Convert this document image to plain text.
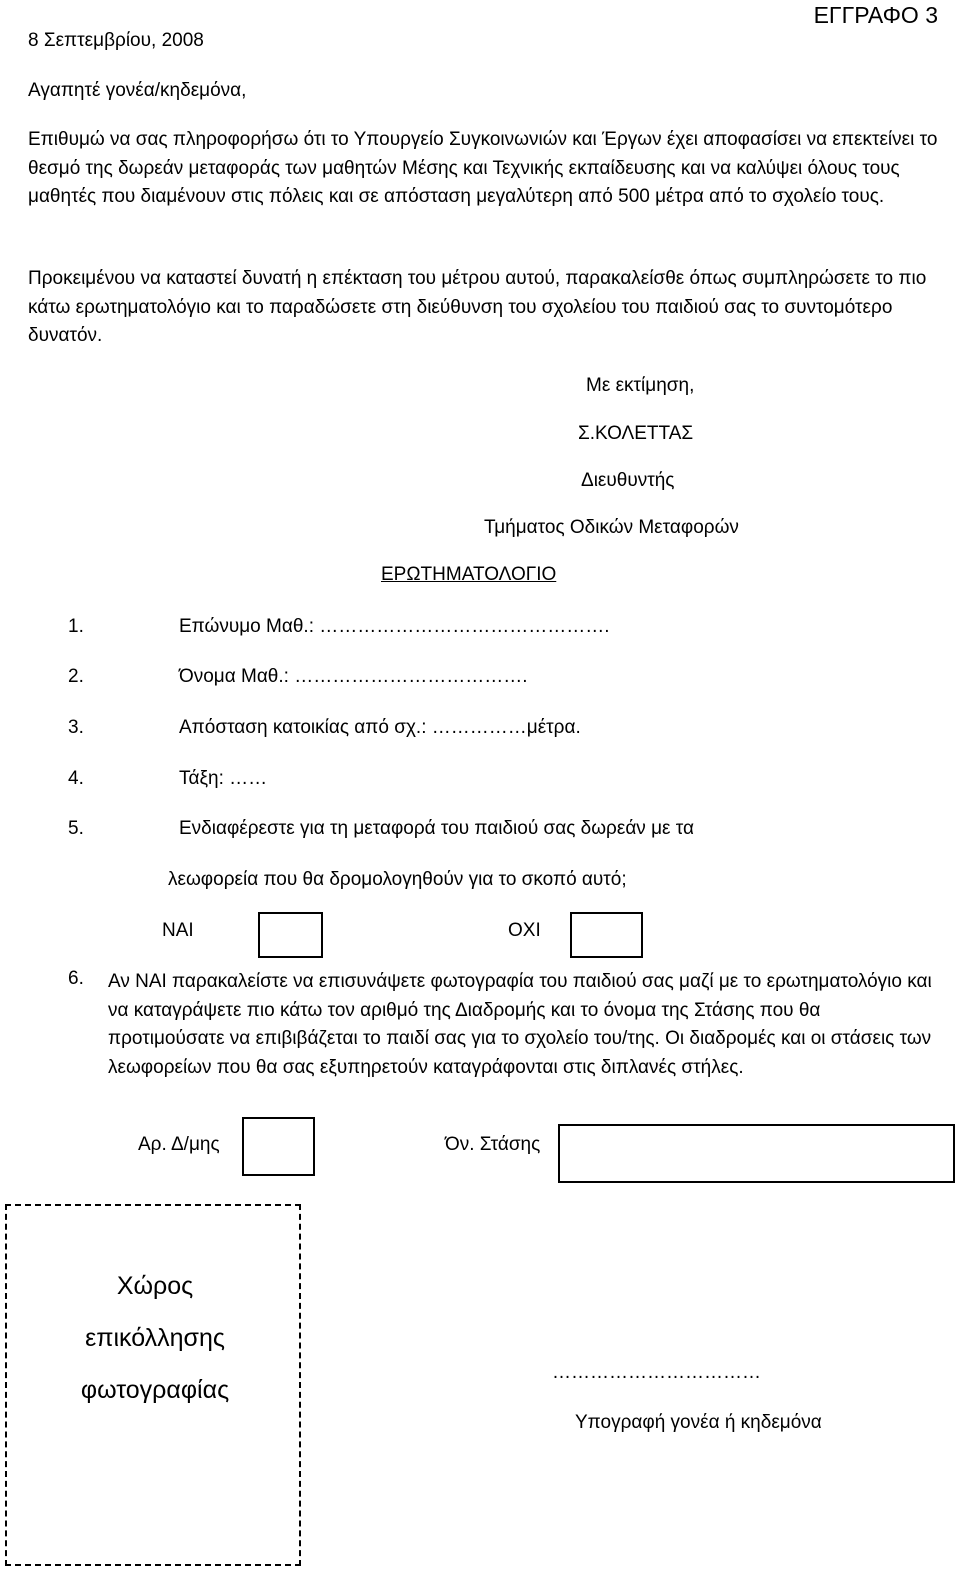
8 Σεπτεμβρίου, 2008
ΕΓΓΡΑΦΟ 3
Αγαπητέ γονέα/κηδεμόνα,
Επιθυμώ να σας πληροφορήσω ότι το Υπουργείο Συγκοινωνιών και Έργων έχει αποφασίσει να επεκτείνει το θεσμό της δωρεάν μεταφοράς των μαθητών Μέσης και Τεχνικής εκπαίδευσης και να καλύψει όλους τους μαθητές που διαμένουν στις πόλεις και σε απόσταση μεγαλύτερη από 500 μέτρα από το σχολείο τους.
Προκειμένου να καταστεί δυνατή η επέκταση του μέτρου αυτού, παρακαλείσθε όπως συμπληρώσετε το πιο κάτω ερωτηματολόγιο και το παραδώσετε στη διεύθυνση του σχολείου του παιδιού σας το συντομότερο δυνατόν.
Με εκτίμηση,
Σ.ΚΟΛΕΤΤΑΣ
Διευθυντής
Τμήματος Οδικών Μεταφορών
ΕΡΩΤΗΜΑΤΟΛΟΓΙΟ
1.	Επώνυμο Μαθ.: ……………………………………….
2.	Όνομα Μαθ.: ……………………………….
3.	Απόσταση κατοικίας από σχ.: ……………μέτρα.
4.	Τάξη: ……
5.	Ενδιαφέρεστε για τη μεταφορά του παιδιού σας δωρεάν με τα
λεωφορεία που θα δρομολογηθούν για το σκοπό αυτό;
ΝΑΙ	ΟΧΙ
6. Αν ΝΑΙ παρακαλείστε να επισυνάψετε φωτογραφία του παιδιού σας μαζί με το ερωτηματολόγιο και να καταγράψετε πιο κάτω τον αριθμό της Διαδρομής και το όνομα της Στάσης που θα προτιμούσατε να επιβιβάζεται το παιδί σας για το σχολείο του/της. Οι διαδρομές και οι στάσεις των λεωφορείων που θα σας εξυπηρετούν καταγράφονται στις διπλανές στήλες.
Αρ. Δ/μης	Όν. Στάσης
Χώρος
επικόλλησης
φωτογραφίας
……………………………
Υπογραφή γονέα ή κηδεμόνα
